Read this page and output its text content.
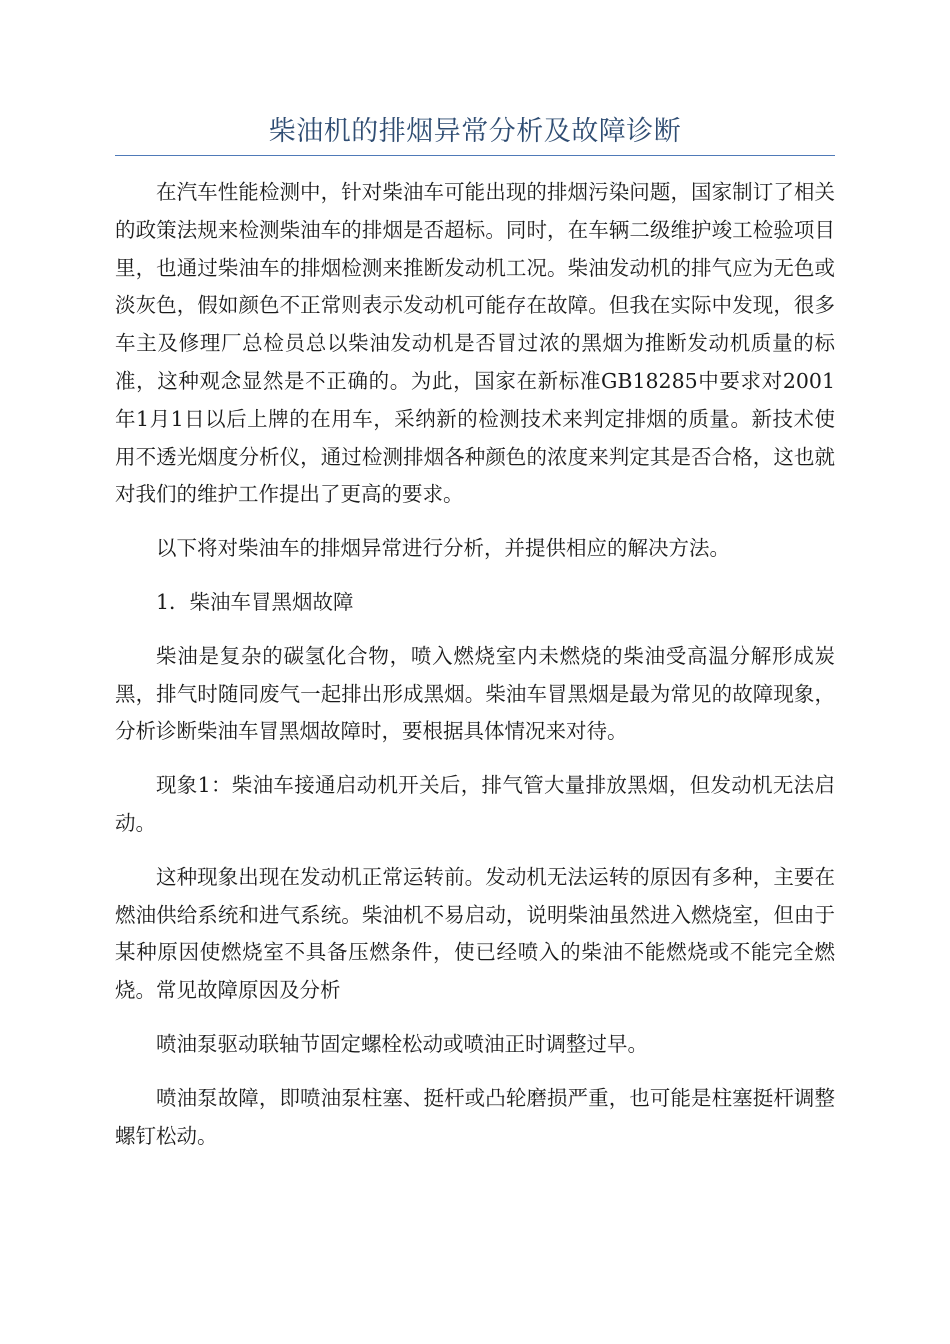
柴油机的排烟异常分析及故障诊断

在汽车性能检测中，针对柴油车可能出现的排烟污染问题，国家制订了相关的政策法规来检测柴油车的排烟是否超标。同时，在车辆二级维护竣工检验项目里，也通过柴油车的排烟检测来推断发动机工况。柴油发动机的排气应为无色或淡灰色，假如颜色不正常则表示发动机可能存在故障。但我在实际中发现，很多车主及修理厂总检员总以柴油发动机是否冒过浓的黑烟为推断发动机质量的标准，这种观念显然是不正确的。为此，国家在新标准GB18285中要求对2001年1月1日以后上牌的在用车，采纳新的检测技术来判定排烟的质量。新技术使用不透光烟度分析仪，通过检测排烟各种颜色的浓度来判定其是否合格，这也就对我们的维护工作提出了更高的要求。

以下将对柴油车的排烟异常进行分析，并提供相应的解决方法。

1．柴油车冒黑烟故障

柴油是复杂的碳氢化合物，喷入燃烧室内未燃烧的柴油受高温分解形成炭黑，排气时随同废气一起排出形成黑烟。柴油车冒黑烟是最为常见的故障现象，分析诊断柴油车冒黑烟故障时，要根据具体情况来对待。

现象1：柴油车接通启动机开关后，排气管大量排放黑烟，但发动机无法启动。

这种现象出现在发动机正常运转前。发动机无法运转的原因有多种，主要在燃油供给系统和进气系统。柴油机不易启动，说明柴油虽然进入燃烧室，但由于某种原因使燃烧室不具备压燃条件，使已经喷入的柴油不能燃烧或不能完全燃烧。常见故障原因及分析

喷油泵驱动联轴节固定螺栓松动或喷油正时调整过早。

喷油泵故障，即喷油泵柱塞、挺杆或凸轮磨损严重，也可能是柱塞挺杆调整螺钉松动。
